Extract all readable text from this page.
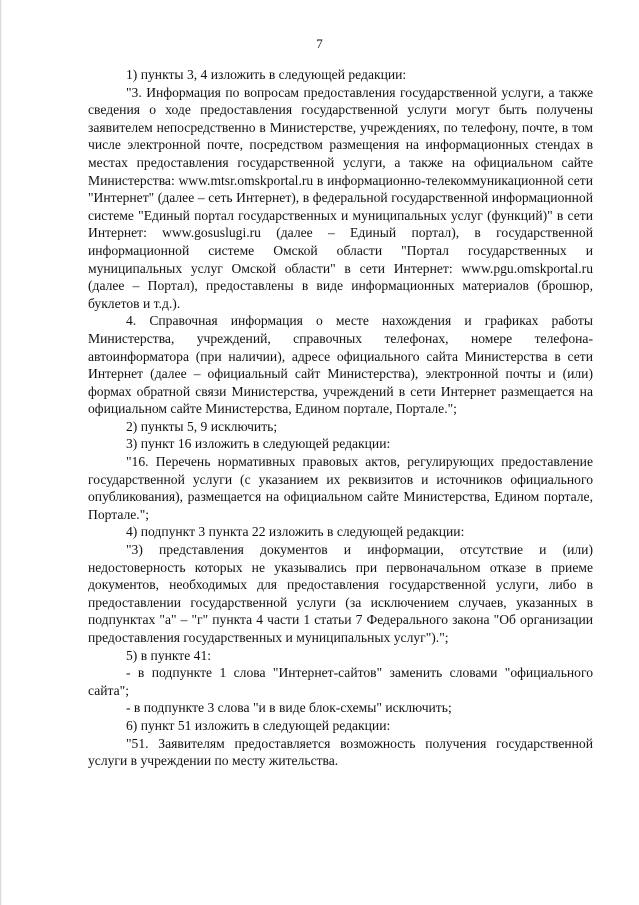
7

1) пункты 3, 4 изложить в следующей редакции:

"3. Информация по вопросам предоставления государственной услуги, а также сведения о ходе предоставления государственной услуги могут быть получены заявителем непосредственно в Министерстве, учреждениях, по телефону, почте, в том числе электронной почте, посредством размещения на информационных стендах в местах предоставления государственной услуги, а также на официальном сайте Министерства: www.mtsr.omskportal.ru в информационно-телекоммуникационной сети "Интернет" (далее – сеть Интернет), в федеральной государственной информационной системе "Единый портал государственных и муниципальных услуг (функций)" в сети Интернет: www.gosuslugi.ru (далее – Единый портал), в государственной информационной системе Омской области "Портал государственных и муниципальных услуг Омской области" в сети Интернет: www.pgu.omskportal.ru (далее – Портал), предоставлены в виде информационных материалов (брошюр, буклетов и т.д.).

4. Справочная информация о месте нахождения и графиках работы Министерства, учреждений, справочных телефонах, номере телефона-автоинформатора (при наличии), адресе официального сайта Министерства в сети Интернет (далее – официальный сайт Министерства), электронной почты и (или) формах обратной связи Министерства, учреждений в сети Интернет размещается на официальном сайте Министерства, Едином портале, Портале.";

2) пункты 5, 9 исключить;

3) пункт 16 изложить в следующей редакции:

"16. Перечень нормативных правовых актов, регулирующих предоставление государственной услуги (с указанием их реквизитов и источников официального опубликования), размещается на официальном сайте Министерства, Едином портале, Портале.";

4) подпункт 3 пункта 22 изложить в следующей редакции:

"3) представления документов и информации, отсутствие и (или) недостоверность которых не указывались при первоначальном отказе в приеме документов, необходимых для предоставления государственной услуги, либо в предоставлении государственной услуги (за исключением случаев, указанных в подпунктах "а" – "г" пункта 4 части 1 статьи 7 Федерального закона "Об организации предоставления государственных и муниципальных услуг").";

5) в пункте 41:

- в подпункте 1 слова "Интернет-сайтов" заменить словами "официального сайта";

- в подпункте 3 слова "и в виде блок-схемы" исключить;

6) пункт 51 изложить в следующей редакции:

"51. Заявителям предоставляется возможность получения государственной услуги в учреждении по месту жительства.
